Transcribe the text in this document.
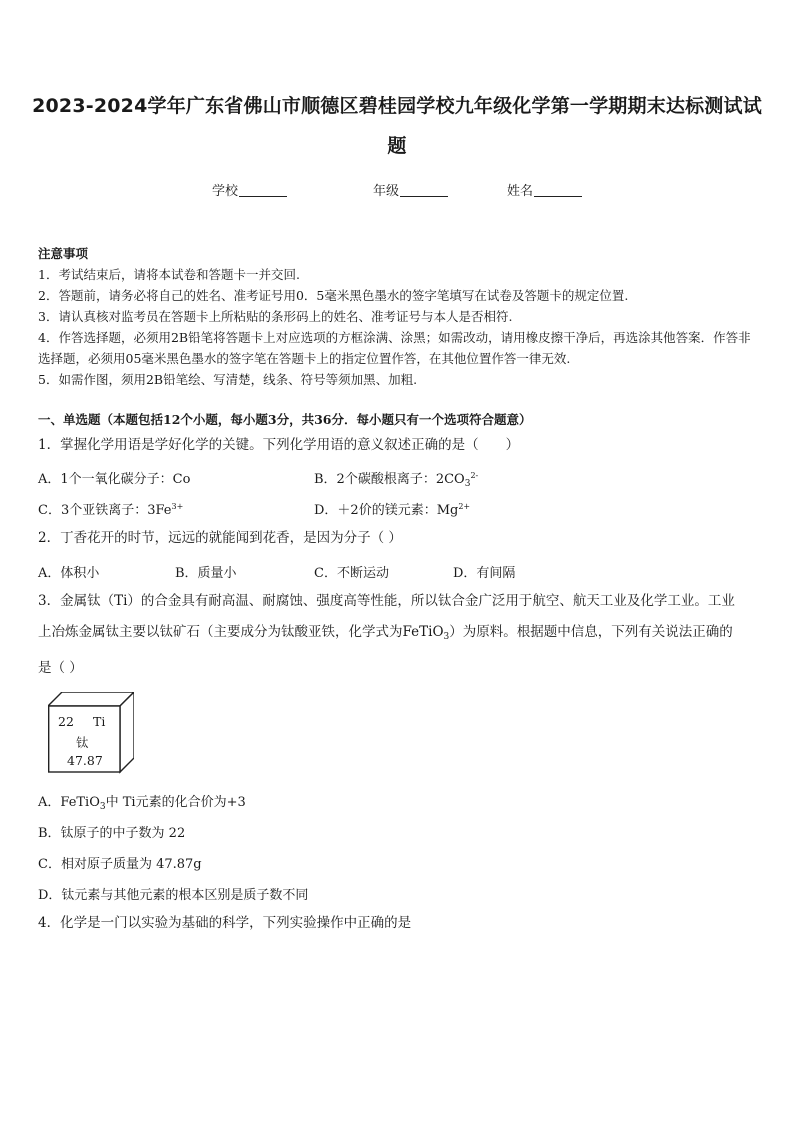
2023-2024学年广东省佛山市顺德区碧桂园学校九年级化学第一学期期末达标测试试题
学校	年级	姓名
注意事项
1．考试结束后，请将本试卷和答题卡一并交回.
2．答题前，请务必将自己的姓名、准考证号用0．5毫米黑色墨水的签字笔填写在试卷及答题卡的规定位置.
3．请认真核对监考员在答题卡上所粘贴的条形码上的姓名、准考证号与本人是否相符.
4．作答选择题，必须用2B铅笔将答题卡上对应选项的方框涂满、涂黑；如需改动，请用橡皮擦干净后，再选涂其他答案．作答非选择题，必须用05毫米黑色墨水的签字笔在答题卡上的指定位置作答，在其他位置作答一律无效.
5．如需作图，须用2B铅笔绘、写清楚，线条、符号等须加黑、加粗.
一、单选题（本题包括12个小题，每小题3分，共36分．每小题只有一个选项符合题意）
1．掌握化学用语是学好化学的关键。下列化学用语的意义叙述正确的是（　　）
A．1个一氧化碳分子：Co	B．2个碳酸根离子：$2CO_3^{2-}$
C．3个亚铁离子：$3Fe^{3+}$	D．＋2价的镁元素：$Mg^{2+}$
2．丁香花开的时节，远远的就能闻到花香，是因为分子（ ）
A．体积小	B．质量小	C．不断运动	D．有间隔
3．金属钛（Ti）的合金具有耐高温、耐腐蚀、强度高等性能，所以钛合金广泛用于航空、航天工业及化学工业。工业
上冶炼金属钛主要以钛矿石（主要成分为钛酸亚铁，化学式为FeTiO$_3$）为原料。根据题中信息，下列有关说法正确的
是（ ）
22 Ti
钛
47.87
A．FeTiO$_3$中 Ti元素的化合价为+3
B．钛原子的中子数为 22
C．相对原子质量为 47.87g
D．钛元素与其他元素的根本区别是质子数不同
4．化学是一门以实验为基础的科学，下列实验操作中正确的是
